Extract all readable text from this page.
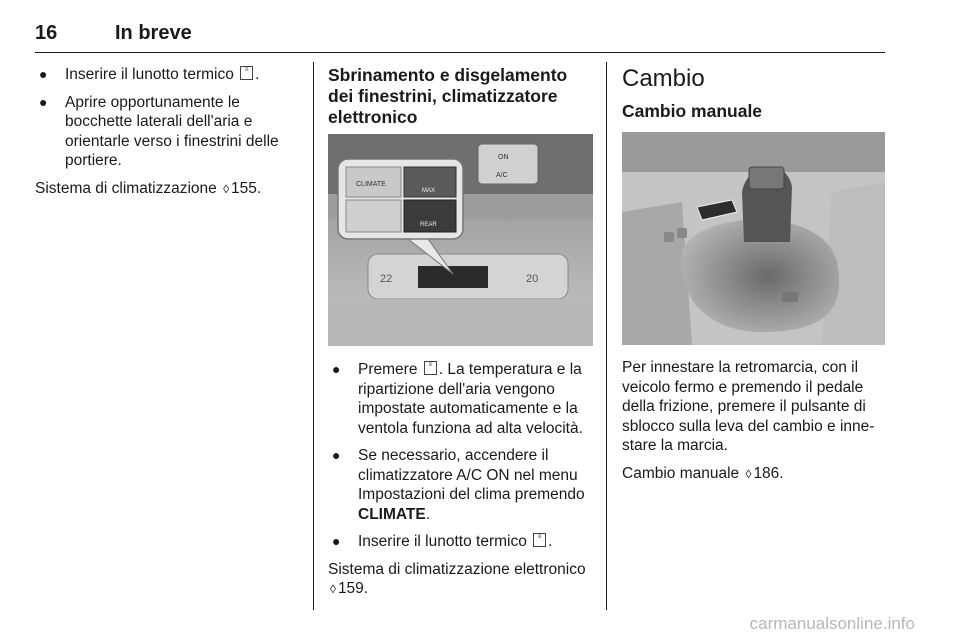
16	In breve
● Inserire il lunotto termico ≡ .
● Aprire opportunamente le bocchette laterali dell'aria e orientarle verso i finestrini delle portiere.

Sistema di climatizzazione ◊ 155.

Sbrinamento e disgelamento dei finestrini, climatizzatore elettronico
22	20
ON
A/C
CLIMATE
MAX
REAR
● Premere ≡ . La temperatura e la ripartizione dell'aria vengono impostate automaticamente e la ventola funziona ad alta velocità.
● Se necessario, accendere il climatizzatore A/C ON nel menu Impostazioni del clima premendo CLIMATE.
● Inserire il lunotto termico ≡ .

Sistema di climatizzazione elettronico ◊ 159.

Cambio
Cambio manuale

Per innestare la retromarcia, con il veicolo fermo e premendo il pedale della frizione, premere il pulsante di sblocco sulla leva del cambio e inne-stare la marcia.

Cambio manuale ◊ 186.

carmanualsonline.info
